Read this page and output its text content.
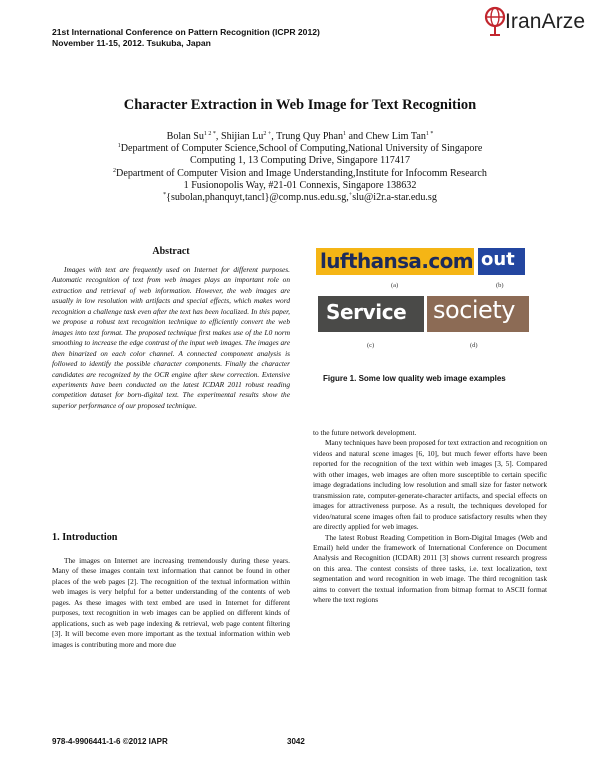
21st International Conference on Pattern Recognition (ICPR 2012)
November 11-15, 2012. Tsukuba, Japan
IranArze
Character Extraction in Web Image for Text Recognition
Bolan $Su^{1 2 *}$, Shijian $Lu^{2 +}$, Trung Quy Phan$^1$ and Chew Lim Tan$^{1 *}$
$^1$Department of Computer Science,School of Computing,National University of Singapore
Computing 1, 13 Computing Drive, Singapore 117417
$^2$Department of Computer Vision and Image Understanding,Institute for Infocomm Research
1 Fusionopolis Way, #21-01 Connexis, Singapore 138632
*{subolan,phanquyt,tancl}@comp.nus.edu.sg,+slu@i2r.a-star.edu.sg
Abstract

Images with text are frequently used on Internet for different purposes. Automatic recognition of text from web images plays an important role on extraction and retrieval of web information. However, the web images are usually in low resolution with artifacts and special effects, which makes word recognition a challenge task even after the text has been localized. In this paper, we propose a robust text recognition technique to efficiently convert the web images into text format. The proposed technique first makes use of the L0 norm smoothing to increase the edge contrast of the input web images. The images are then binarized on each color channel. A connected component analysis is followed to identify the possible character components. Finally the character candidates are recognized by the OCR engine after skew correction. Extensive experiments have been conducted on the latest ICDAR 2011 robust reading competition dataset for born-digital text. The experimental results show the superior performance of our proposed technique.

1. Introduction

The images on Internet are increasing tremendously during these years. Many of these images contain text information that cannot be found in other places of the web pages [2]. The recognition of the textual information within web images is very helpful for a better understanding of the contents of web pages. As these images with text embed are used in Internet for different purposes, text recognition in web images can be applied on different kinds of applications, such as web page indexing & retrieval, web page content filtering [3]. It will become even more important as the textual information within web images is contributing more and more due

lufthansa.com
(a)
out
(b)
Service
(c)
society
(d)
Figure 1. Some low quality web image examples

to the future network development.

Many techniques have been proposed for text extraction and recognition on videos and natural scene images [6, 10], but much fewer efforts have been reported for the recognition of the text within web images [3, 5]. Compared with other images, web images are often more susceptible to certain specific image degradations including low resolution and small size for faster network transmission rate, computer-generate-character artifacts, and special effects on images for attractiveness purpose. As a result, the techniques developed for video/natural scene images often fail to produce satisfactory results when they are directly applied for web images.

The latest Robust Reading Competition in Born-Digital Images (Web and Email) held under the framework of International Conference on Document Analysis and Recognition (ICDAR) 2011 [3] shows current research progress on this area. The contest consists of three tasks, i.e. text localization, text segmentation and word recognition in web image. The third recognition task aims to convert the textual information from bitmap format to ASCII format where the text regions

978-4-9906441-1-6 ©2012 IAPR	3042
